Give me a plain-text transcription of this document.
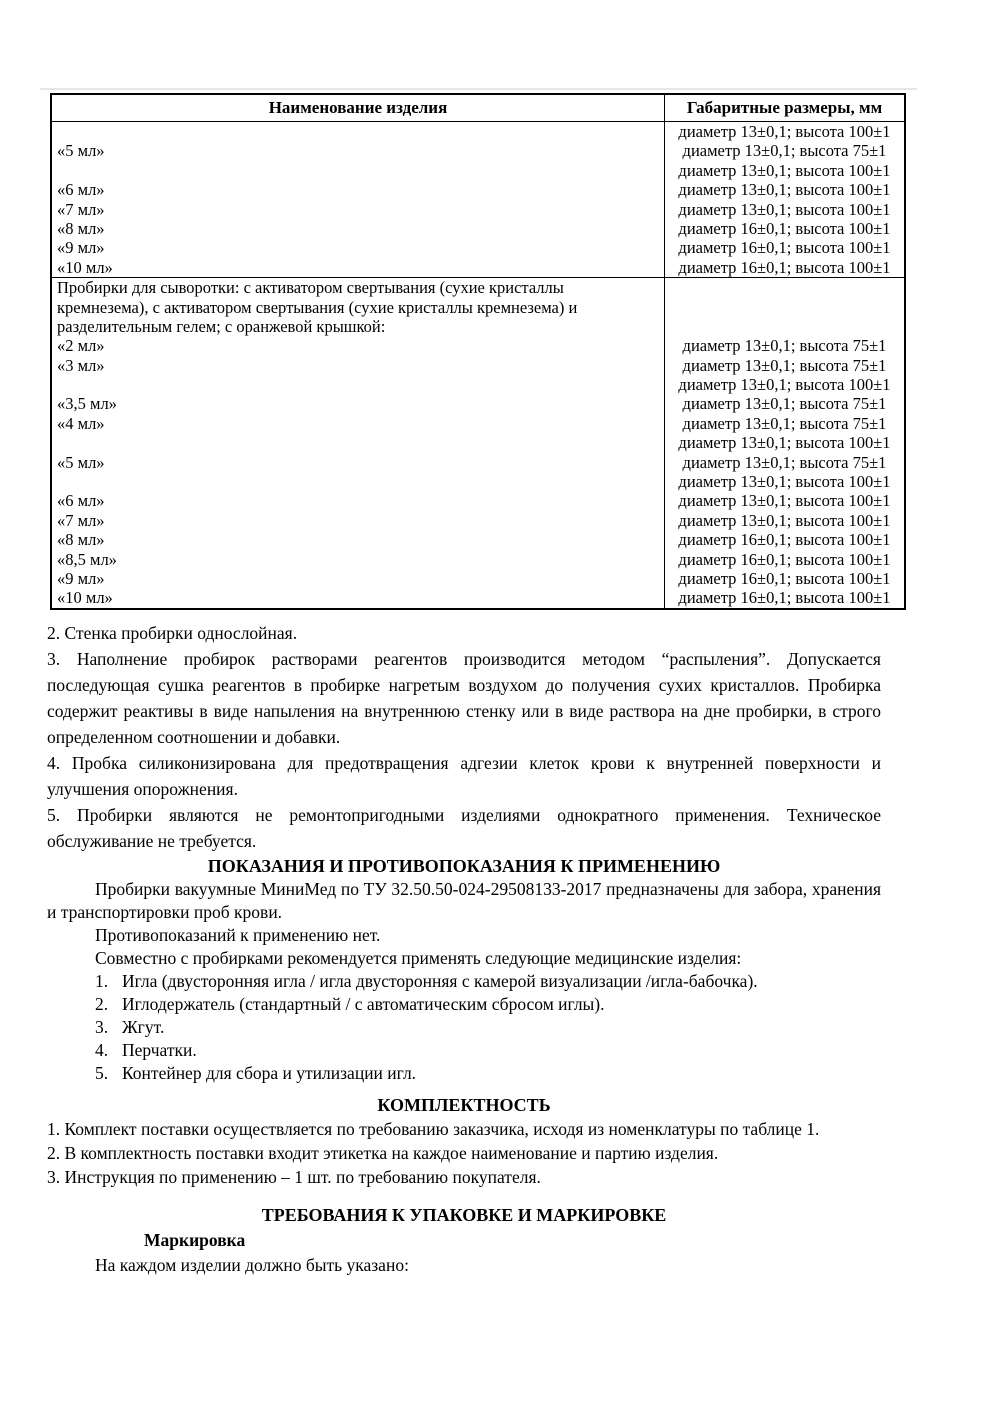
Наименование изделия	Габаритные размеры, мм
«5 мл»
«6 мл»
«7 мл»
«8 мл»
«9 мл»
«10 мл»
диаметр 13±0,1; высота 100±1
диаметр 13±0,1; высота 75±1
диаметр 13±0,1; высота 100±1
диаметр 13±0,1; высота 100±1
диаметр 13±0,1; высота 100±1
диаметр 16±0,1; высота 100±1
диаметр 16±0,1; высота 100±1
диаметр 16±0,1; высота 100±1
Пробирки для сыворотки: с активатором свертывания (сухие кристаллы
кремнезема), с активатором свертывания (сухие кристаллы кремнезема) и
разделительным гелем; с оранжевой крышкой:
«2 мл»
«3 мл»
«3,5 мл»
«4 мл»
«5 мл»
«6 мл»
«7 мл»
«8 мл»
«8,5 мл»
«9 мл»
«10 мл»
диаметр 13±0,1; высота 75±1
диаметр 13±0,1; высота 75±1
диаметр 13±0,1; высота 100±1
диаметр 13±0,1; высота 75±1
диаметр 13±0,1; высота 75±1
диаметр 13±0,1; высота 100±1
диаметр 13±0,1; высота 75±1
диаметр 13±0,1; высота 100±1
диаметр 13±0,1; высота 100±1
диаметр 13±0,1; высота 100±1
диаметр 16±0,1; высота 100±1
диаметр 16±0,1; высота 100±1
диаметр 16±0,1; высота 100±1
диаметр 16±0,1; высота 100±1

2. Стенка пробирки однослойная.

3. Наполнение пробирок растворами реагентов производится методом “распыления”. Допускается последующая сушка реагентов в пробирке нагретым воздухом до получения сухих кристаллов. Пробирка содержит реактивы в виде напыления на внутреннюю стенку или в виде раствора на дне пробирки, в строго определенном соотношении и добавки.

4. Пробка силиконизирована для предотвращения адгезии клеток крови к внутренней поверхности и улучшения опорожнения.

5. Пробирки являются не ремонтопригодными изделиями однократного применения. Техническое обслуживание не требуется.

ПОКАЗАНИЯ И ПРОТИВОПОКАЗАНИЯ К ПРИМЕНЕНИЮ

Пробирки вакуумные МиниМед по ТУ 32.50.50-024-29508133-2017 предназначены для забора, хранения и транспортировки проб крови.

Противопоказаний к применению нет.

Совместно с пробирками рекомендуется применять следующие медицинские изделия:

1. Игла (двусторонняя игла / игла двусторонняя с камерой визуализации /игла-бабочка).
2. Иглодержатель (стандартный / с автоматическим сбросом иглы).
3. Жгут.
4. Перчатки.
5. Контейнер для сбора и утилизации игл.
КОМПЛЕКТНОСТЬ

1. Комплект поставки осуществляется по требованию заказчика, исходя из номенклатуры по таблице 1.

2. В комплектность поставки входит этикетка на каждое наименование и партию изделия.

3. Инструкция по применению – 1 шт. по требованию покупателя.

ТРЕБОВАНИЯ К УПАКОВКЕ И МАРКИРОВКЕ
Маркировка

На каждом изделии должно быть указано:
